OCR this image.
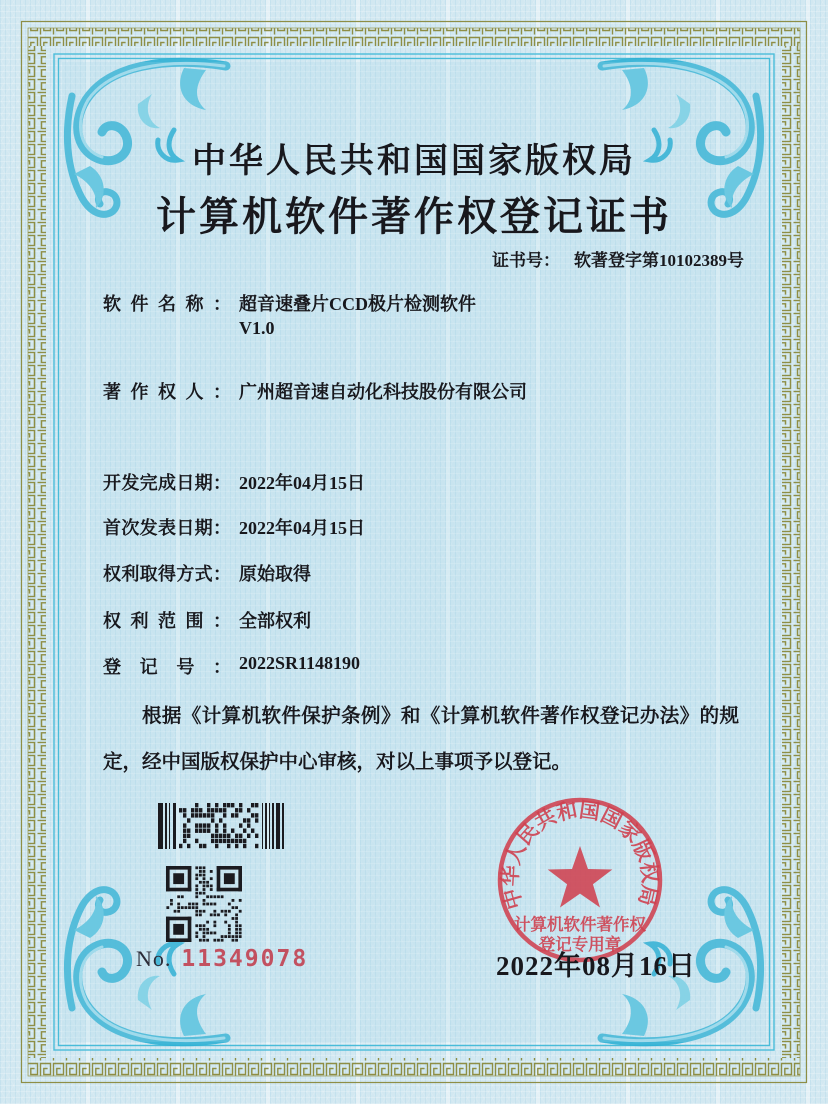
中华人民共和国国家版权局
计算机软件著作权登记证书
证书号： 软著登字第10102389号
软件名称： 超音速叠片CCD极片检测软件
V1.0
著作权人： 广州超音速自动化科技股份有限公司
开发完成日期： 2022年04月15日
首次发表日期： 2022年04月15日
权利取得方式： 原始取得
权利范围： 全部权利
登记号： 2022SR1148190
根据《计算机软件保护条例》和《计算机软件著作权登记办法》的规定，经中国版权保护中心审核，对以上事项予以登记。
No. 11349078
中华人民共和国国家版权局
计算机软件著作权
登记专用章
2022年08月16日
